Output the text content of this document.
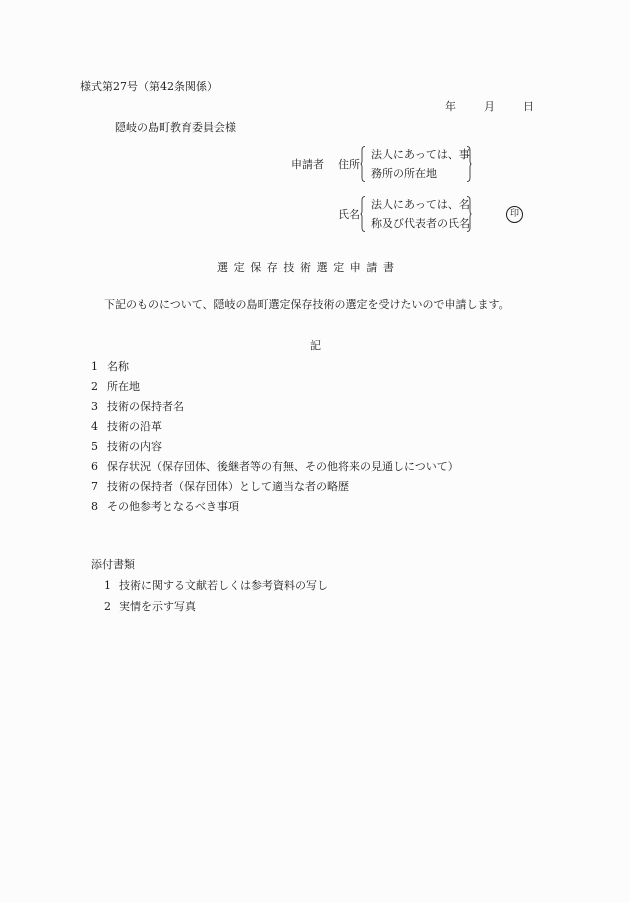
様式第27号（第42条関係）
年	月	日
隠岐の島町教育委員会様
申請者 住所
法人にあっては、事
務所の所在地
氏名
法人にあっては、名
称及び代表者の氏名
印
選定保存技術選定申請書
下記のものについて、隠岐の島町選定保存技術の選定を受けたいので申請します。
記
1 名称
2 所在地
3 技術の保持者名
4 技術の沿革
5 技術の内容
6 保存状況（保存団体、後継者等の有無、その他将来の見通しについて）
7 技術の保持者（保存団体）として適当な者の略歴
8 その他参考となるべき事項
添付書類
1 技術に関する文献若しくは参考資料の写し
2 実情を示す写真
